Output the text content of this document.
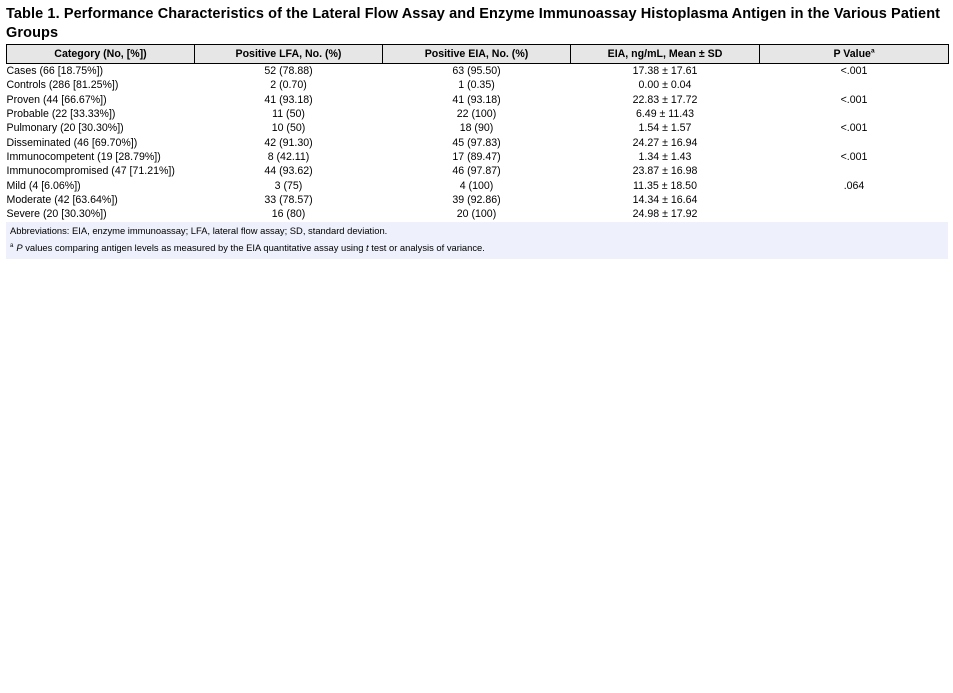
Table 1. Performance Characteristics of the Lateral Flow Assay and Enzyme Immunoassay Histoplasma Antigen in the Various Patient Groups
Category (No, [%])	Positive LFA, No. (%)	Positive EIA, No. (%)	EIA, ng/mL, Mean ± SD	P Value$^a$
Cases (66 [18.75%])	52 (78.88)	63 (95.50)	17.38 ± 17.61	<.001
Controls (286 [81.25%])	2 (0.70)	1 (0.35)	0.00 ± 0.04	
Proven (44 [66.67%])	41 (93.18)	41 (93.18)	22.83 ± 17.72	<.001
Probable (22 [33.33%])	11 (50)	22 (100)	6.49 ± 11.43	
Pulmonary (20 [30.30%])	10 (50)	18 (90)	1.54 ± 1.57	<.001
Disseminated (46 [69.70%])	42 (91.30)	45 (97.83)	24.27 ± 16.94	
Immunocompetent (19 [28.79%])	8 (42.11)	17 (89.47)	1.34 ± 1.43	<.001
Immunocompromised (47 [71.21%])	44 (93.62)	46 (97.87)	23.87 ± 16.98	
Mild (4 [6.06%])	3 (75)	4 (100)	11.35 ± 18.50	.064
Moderate (42 [63.64%])	33 (78.57)	39 (92.86)	14.34 ± 16.64	
Severe (20 [30.30%])	16 (80)	20 (100)	24.98 ± 17.92	
Abbreviations: EIA, enzyme immunoassay; LFA, lateral flow assay; SD, standard deviation.
$^a$ P values comparing antigen levels as measured by the EIA quantitative assay using t test or analysis of variance.
